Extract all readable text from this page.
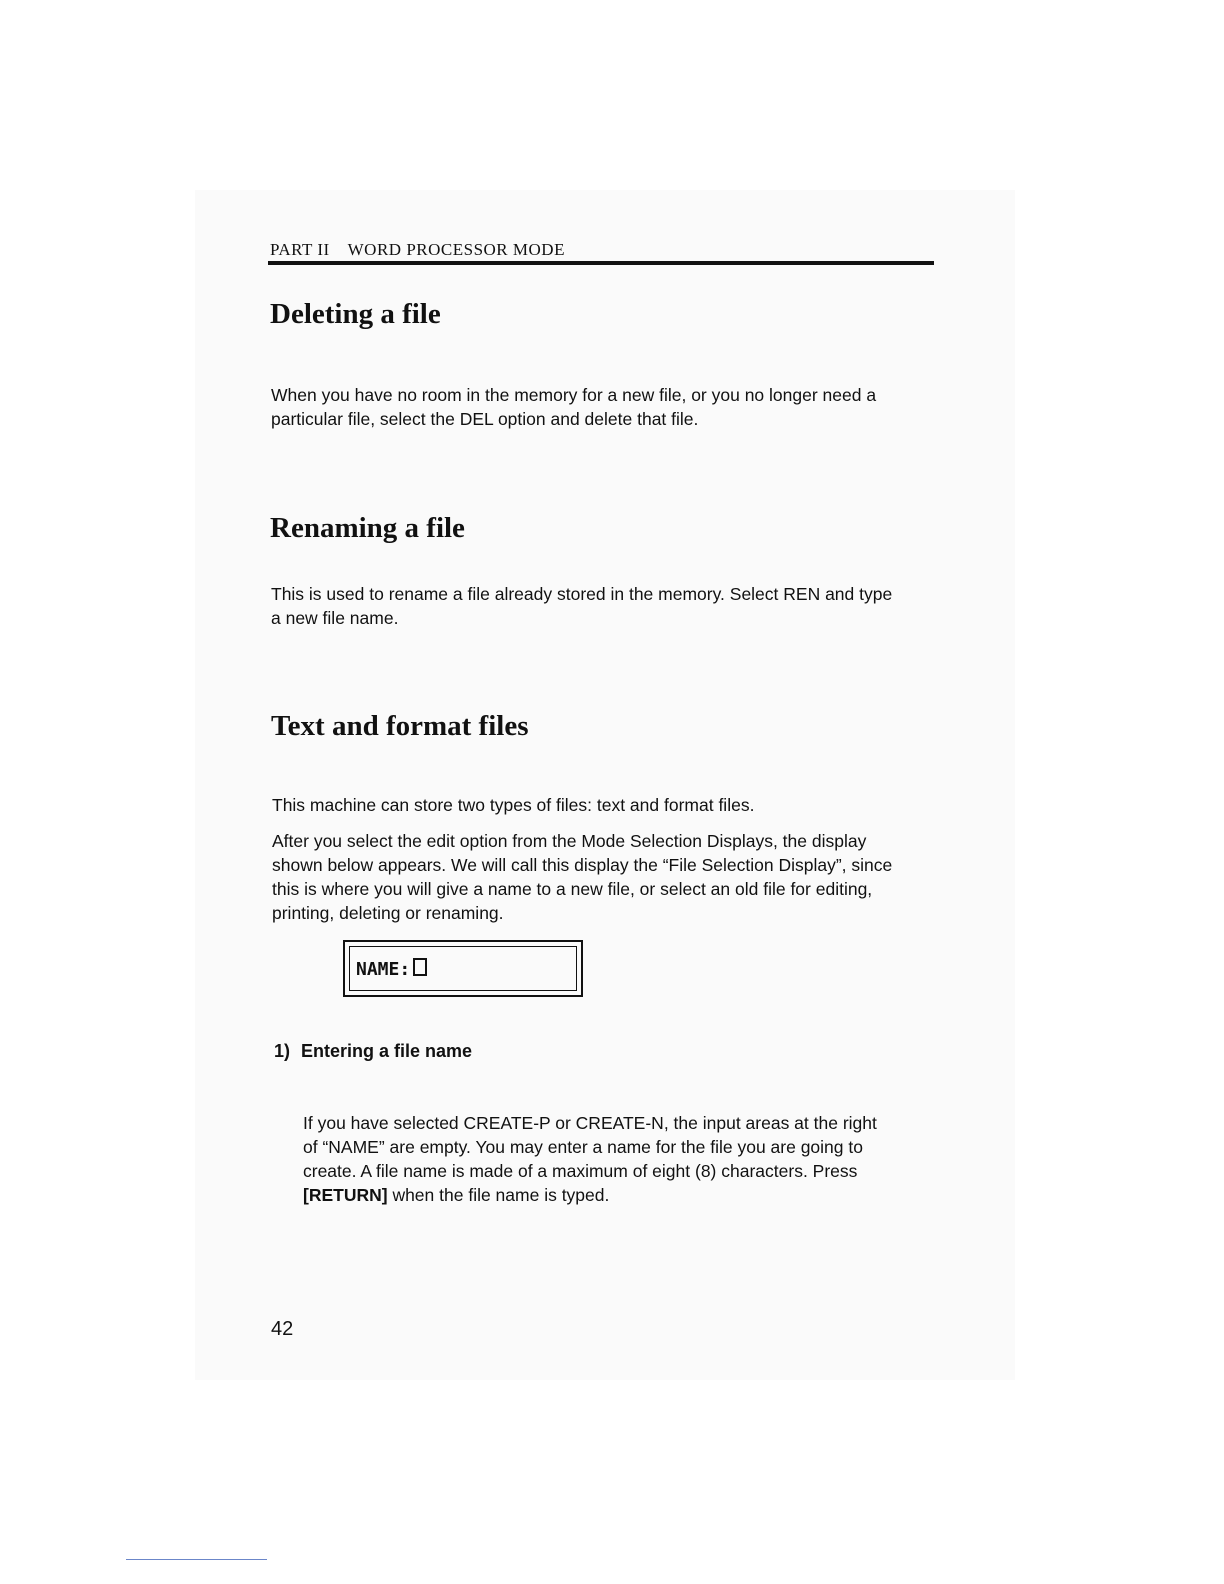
PART II WORD PROCESSOR MODE
Deleting a file

When you have no room in the memory for a new file, or you no longer need a

particular file, select the DEL option and delete that file.

Renaming a file

This is used to rename a file already stored in the memory. Select REN and type

a new file name.

Text and format files

This machine can store two types of files: text and format files.

After you select the edit option from the Mode Selection Displays, the display

shown below appears. We will call this display the “File Selection Display”, since

this is where you will give a name to a new file, or select an old file for editing,

printing, deleting or renaming.

NAME:
1) Entering a file name

If you have selected CREATE-P or CREATE-N, the input areas at the right

of “NAME” are empty. You may enter a name for the file you are going to

create. A file name is made of a maximum of eight (8) characters. Press

[RETURN] when the file name is typed.

42
